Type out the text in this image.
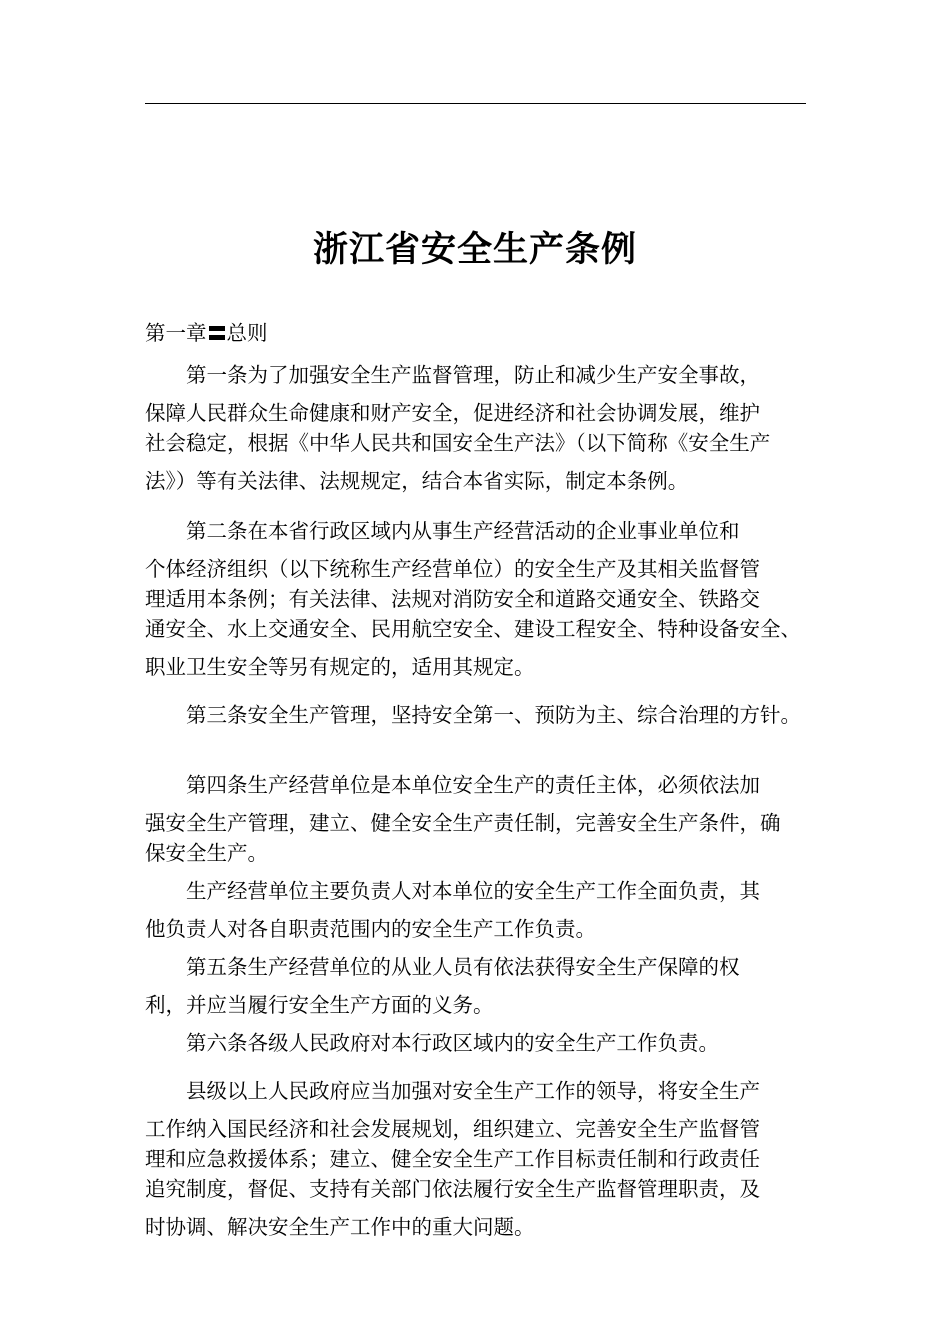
浙江省安全生产条例
第一章 总则

第一条为了加强安全生产监督管理，防止和减少生产安全事故，
保障人民群众生命健康和财产安全，促进经济和社会协调发展，维护
社会稳定，根据《中华人民共和国安全生产法》（以下简称《安全生产
法》）等有关法律、法规规定，结合本省实际，制定本条例。

第二条在本省行政区域内从事生产经营活动的企业事业单位和
个体经济组织（以下统称生产经营单位）的安全生产及其相关监督管
理适用本条例；有关法律、法规对消防安全和道路交通安全、铁路交
通安全、水上交通安全、民用航空安全、建设工程安全、特种设备安全、
职业卫生安全等另有规定的，适用其规定。

第三条安全生产管理，坚持安全第一、预防为主、综合治理的方针。

第四条生产经营单位是本单位安全生产的责任主体，必须依法加
强安全生产管理，建立、健全安全生产责任制，完善安全生产条件，确
保安全生产。

生产经营单位主要负责人对本单位的安全生产工作全面负责，其
他负责人对各自职责范围内的安全生产工作负责。

第五条生产经营单位的从业人员有依法获得安全生产保障的权
利，并应当履行安全生产方面的义务。

第六条各级人民政府对本行政区域内的安全生产工作负责。

县级以上人民政府应当加强对安全生产工作的领导，将安全生产
工作纳入国民经济和社会发展规划，组织建立、完善安全生产监督管
理和应急救援体系；建立、健全安全生产工作目标责任制和行政责任
追究制度，督促、支持有关部门依法履行安全生产监督管理职责，及
时协调、解决安全生产工作中的重大问题。
